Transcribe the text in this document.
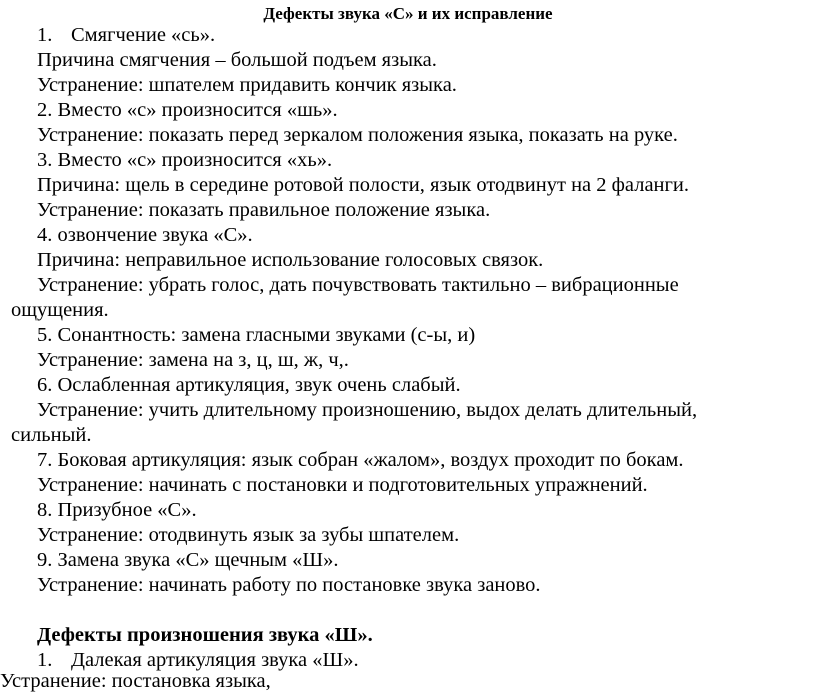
Дефекты звука «С» и их исправление
1. Смягчение «сь».
Причина смягчения – большой подъем языка.
Устранение: шпателем придавить кончик языка.
2. Вместо «с» произносится «шь».
Устранение: показать перед зеркалом положения языка, показать на руке.
3. Вместо «с» произносится «хь».
Причина: щель в середине ротовой полости, язык отодвинут на 2 фаланги.
Устранение: показать правильное положение языка.
4. озвончение звука «С».
Причина: неправильное использование голосовых связок.
Устранение: убрать голос, дать почувствовать тактильно – вибрационные
ощущения.
5. Сонантность: замена гласными звуками (с-ы, и)
Устранение: замена на з, ц, ш, ж, ч,.
6. Ослабленная артикуляция, звук очень слабый.
Устранение: учить длительному произношению, выдох делать длительный,
сильный.
7. Боковая артикуляция: язык собран «жалом», воздух проходит по бокам.
Устранение: начинать с постановки и подготовительных упражнений.
8. Призубное «С».
Устранение: отодвинуть язык за зубы шпателем.
9. Замена звука «С» щечным «Ш».
Устранение: начинать работу по постановке звука заново.
Дефекты произношения звука «Ш».
1. Далекая артикуляция звука «Ш».
Устранение: постановка языка,
